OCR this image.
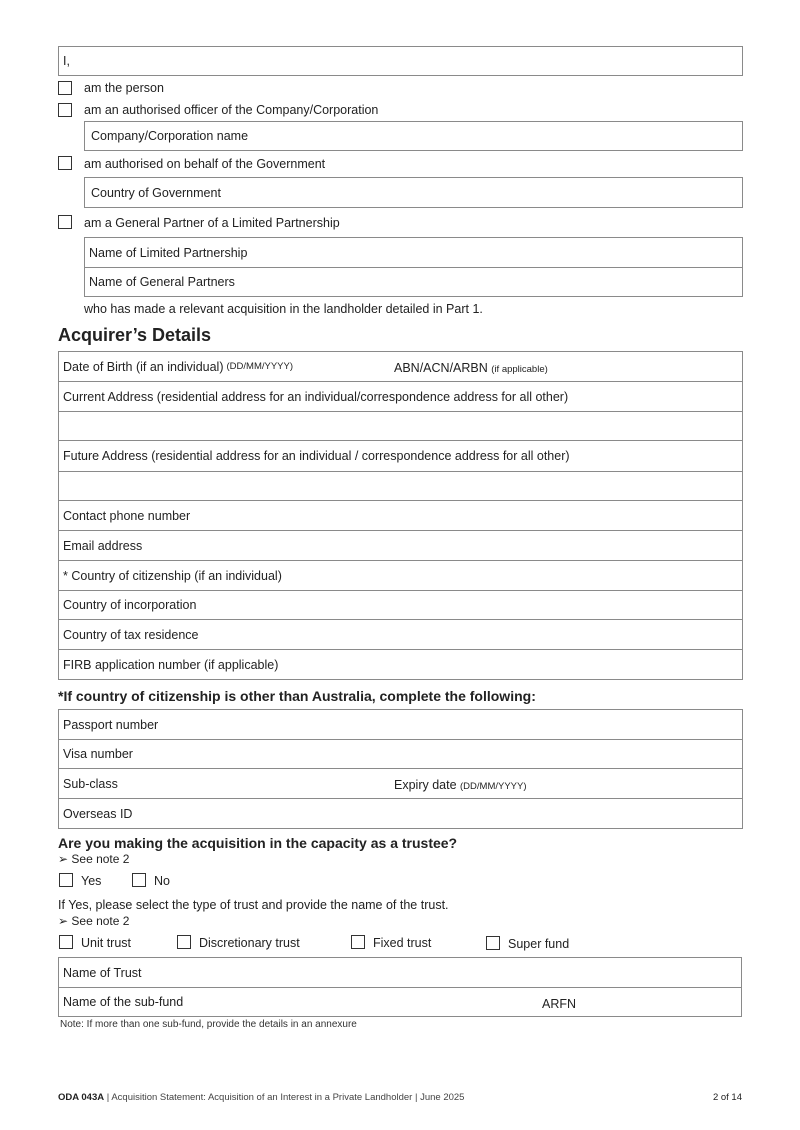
I,
am the person
am an authorised officer of the Company/Corporation
Company/Corporation name
am authorised on behalf of the Government
Country of Government
am a General Partner of a Limited Partnership
Name of Limited Partnership
Name of General Partners
who has made a relevant acquisition in the landholder detailed in Part 1.
Acquirer’s Details
Date of Birth (if an individual) (DD/MM/YYYY)	ABN/ACN/ARBN (if applicable)
Current Address (residential address for an individual/correspondence address for all other)
Future Address (residential address for an individual / correspondence address for all other)
Contact phone number
Email address
* Country of citizenship (if an individual)
Country of incorporation
Country of tax residence
FIRB application number (if applicable)
*If country of citizenship is other than Australia, complete the following:
Passport number
Visa number
Sub-class	Expiry date (DD/MM/YYYY)
Overseas ID
Are you making the acquisition in the capacity as a trustee?
➢ See note 2
Yes	No
If Yes, please select the type of trust and provide the name of the trust.
➢ See note 2
Unit trust	Discretionary trust	Fixed trust	Super fund
Name of Trust
Name of the sub-fund	ARFN
Note: If more than one sub-fund, provide the details in an annexure
ODA 043A | Acquisition Statement: Acquisition of an Interest in a Private Landholder | June 2025	2 of 14
